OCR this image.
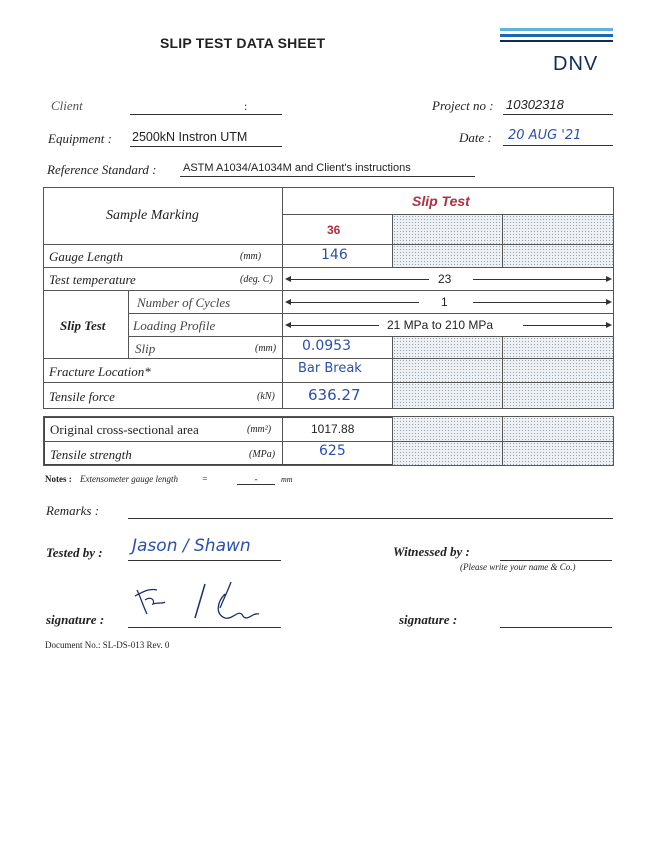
SLIP TEST DATA SHEET
DNV
Client	:	Project no : 10302318
Equipment : 2500kN Instron UTM	Date : 20 AUG '21
Reference Standard : ASTM A1034/A1034M and Client's instructions
Sample Marking
Slip Test
36
Gauge Length	(mm)	146
Test temperature	(deg. C)	23
Slip Test
Number of Cycles	1
Loading Profile	21 MPa to 210 MPa
Slip	(mm) 0.0953
Fracture Location*	Bar Break
Tensile force	(kN) 636.27
Original cross-sectional area	(mm²)	1017.88
Tensile strength	(MPa)	625
Notes : Extensometer gauge length	=	-	mm
Remarks :
Tested by : Jason / Shawn	Witnessed by :
(Please write your name & Co.)
signature :	signature :
Document No.: SL-DS-013 Rev. 0
